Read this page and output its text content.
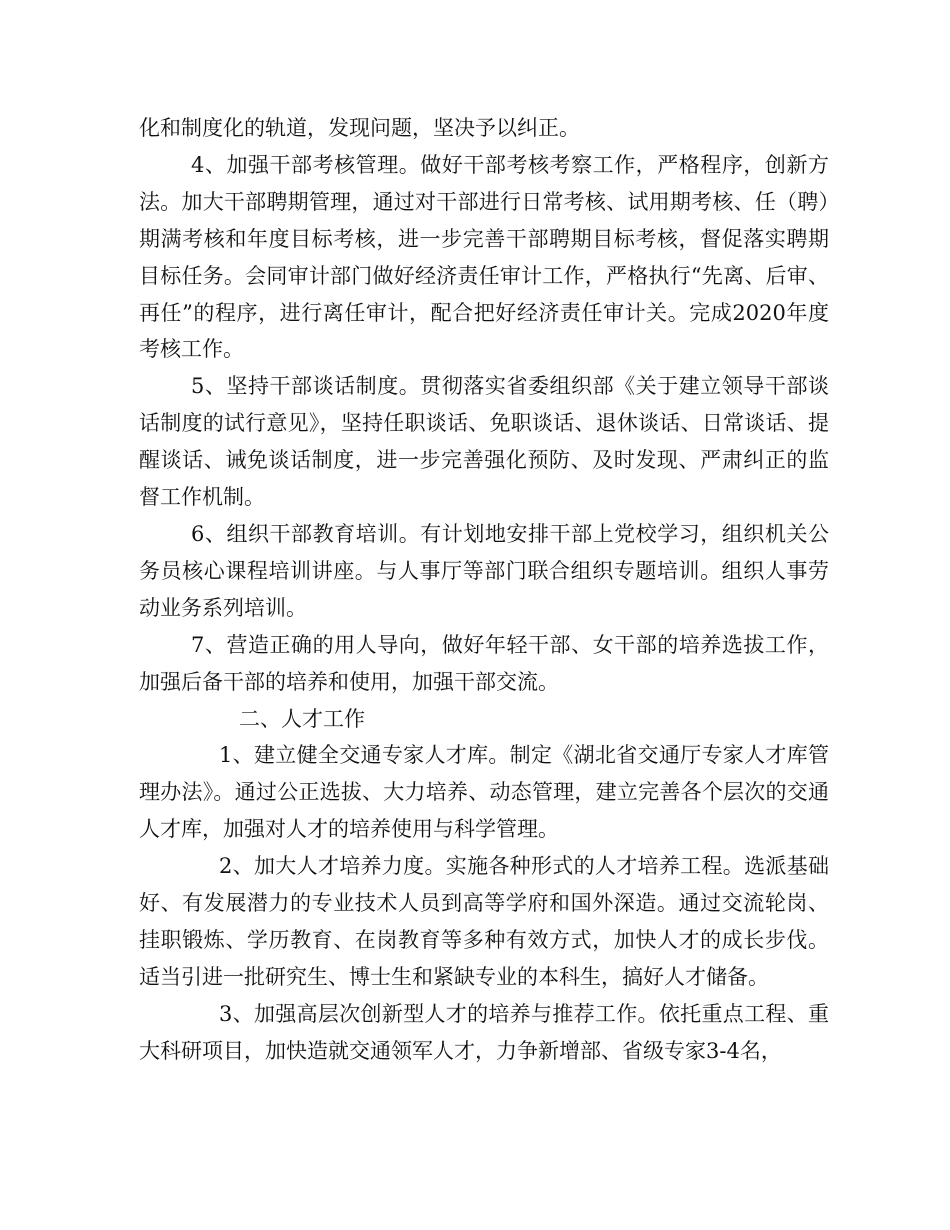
化和制度化的轨道，发现问题，坚决予以纠正。

4、加强干部考核管理。做好干部考核考察工作，严格程序，创新方法。加大干部聘期管理，通过对干部进行日常考核、试用期考核、任（聘）期满考核和年度目标考核，进一步完善干部聘期目标考核，督促落实聘期目标任务。会同审计部门做好经济责任审计工作，严格执行“先离、后审、再任”的程序，进行离任审计，配合把好经济责任审计关。完成2020年度考核工作。

5、坚持干部谈话制度。贯彻落实省委组织部《关于建立领导干部谈话制度的试行意见》，坚持任职谈话、免职谈话、退休谈话、日常谈话、提醒谈话、诫免谈话制度，进一步完善强化预防、及时发现、严肃纠正的监督工作机制。

6、组织干部教育培训。有计划地安排干部上党校学习，组织机关公务员核心课程培训讲座。与人事厅等部门联合组织专题培训。组织人事劳动业务系列培训。

7、营造正确的用人导向，做好年轻干部、女干部的培养选拔工作，加强后备干部的培养和使用，加强干部交流。

二、人才工作

1、建立健全交通专家人才库。制定《湖北省交通厅专家人才库管理办法》。通过公正选拔、大力培养、动态管理，建立完善各个层次的交通人才库，加强对人才的培养使用与科学管理。

2、加大人才培养力度。实施各种形式的人才培养工程。选派基础好、有发展潜力的专业技术人员到高等学府和国外深造。通过交流轮岗、挂职锻炼、学历教育、在岗教育等多种有效方式，加快人才的成长步伐。适当引进一批研究生、博士生和紧缺专业的本科生，搞好人才储备。

3、加强高层次创新型人才的培养与推荐工作。依托重点工程、重大科研项目，加快造就交通领军人才，力争新增部、省级专家3-4名，
